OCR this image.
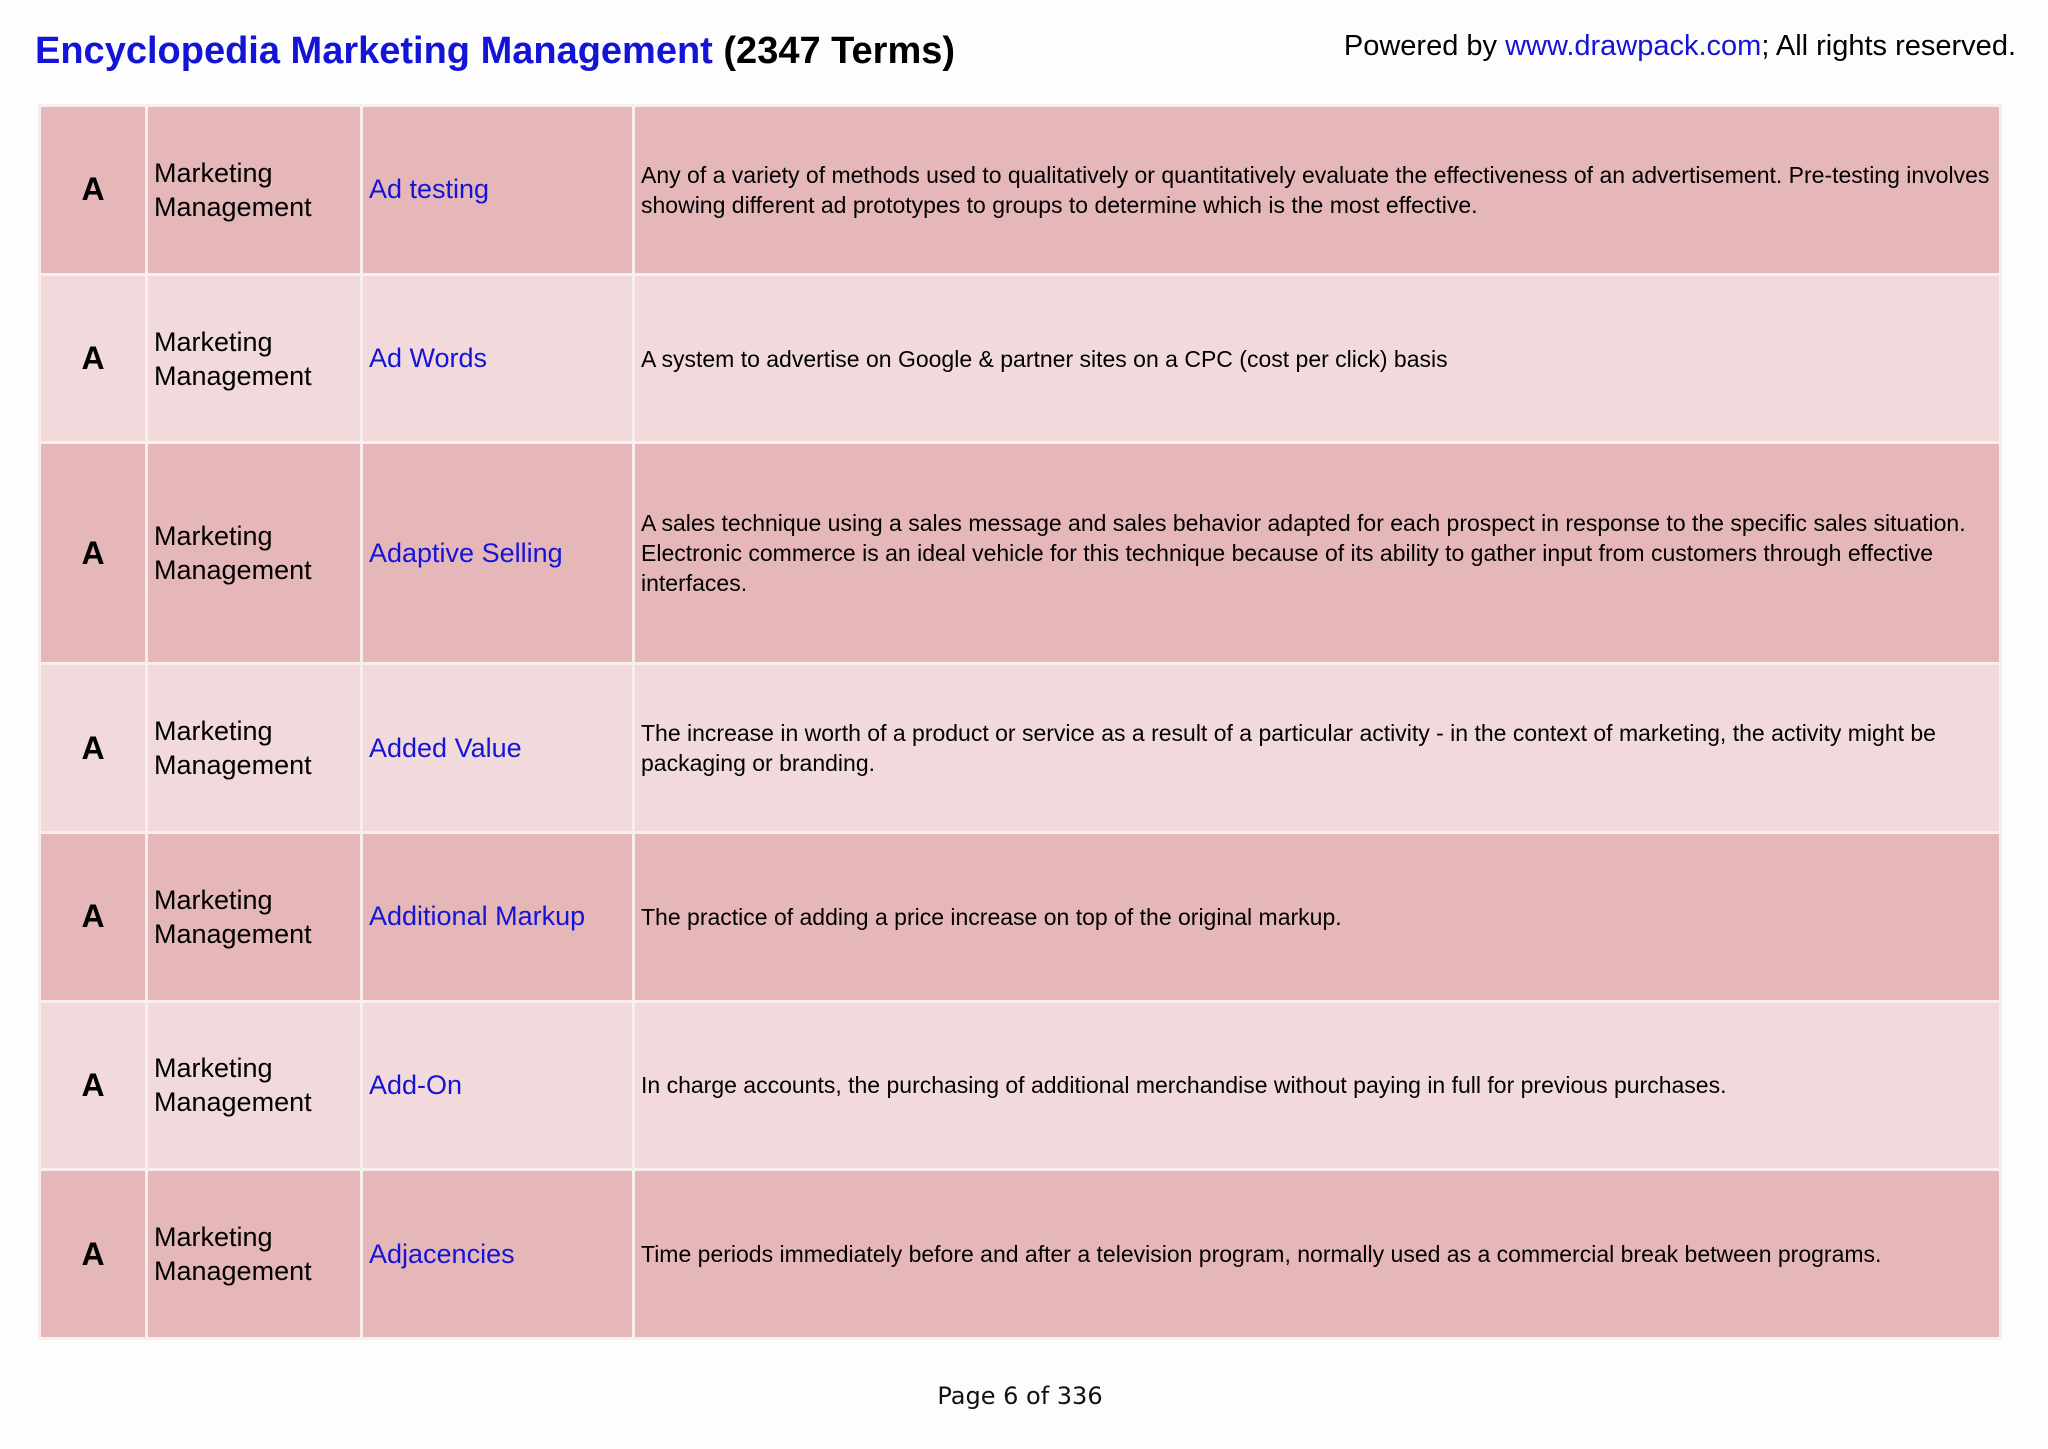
Encyclopedia Marketing Management (2347 Terms)	Powered by www.drawpack.com; All rights reserved.
A	Marketing Management	Ad testing	Any of a variety of methods used to qualitatively or quantitatively evaluate the effectiveness of an advertisement. Pre-testing involves showing different ad prototypes to groups to determine which is the most effective.
A	Marketing Management	Ad Words	A system to advertise on Google & partner sites on a CPC (cost per click) basis
A	Marketing Management	Adaptive Selling	A sales technique using a sales message and sales behavior adapted for each prospect in response to the specific sales situation. Electronic commerce is an ideal vehicle for this technique because of its ability to gather input from customers through effective interfaces.
A	Marketing Management	Added Value	The increase in worth of a product or service as a result of a particular activity - in the context of marketing, the activity might be packaging or branding.
A	Marketing Management	Additional Markup	The practice of adding a price increase on top of the original markup.
A	Marketing Management	Add-On	In charge accounts, the purchasing of additional merchandise without paying in full for previous purchases.
A	Marketing Management	Adjacencies	Time periods immediately before and after a television program, normally used as a commercial break between programs.
Page 6 of 336
